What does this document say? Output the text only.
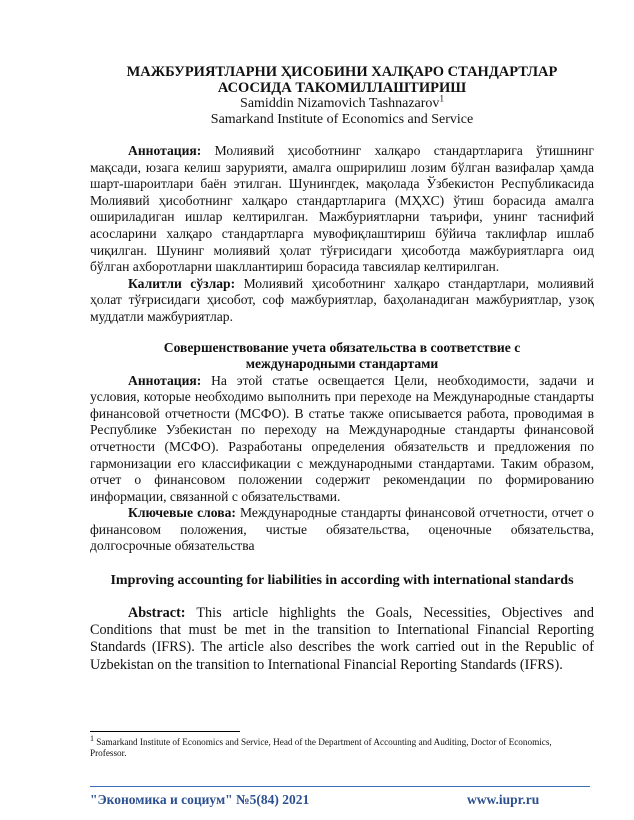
МАЖБУРИЯТЛАРНИ ҲИСОБИНИ ХАЛҚАРО СТАНДАРТЛАР
АСОСИДА ТАКОМИЛЛАШТИРИШ

Samiddin Nizamovich Tashnazarov$^1$

Samarkand Institute of Economics and Service

Аннотация: Молиявий ҳисоботнинг халқаро стандартларига ўтишнинг мақсади, юзага келиш зарурияти, амалга ошририлиш лозим бўлган вазифалар ҳамда шарт-шароитлари баён этилган. Шунингдек, мақолада Ўзбекистон Республикасида Молиявий ҳисоботнинг халқаро стандартларига (МҲХС) ўтиш борасида амалга ошириладиган ишлар келтирилган. Мажбуриятларни таърифи, унинг таснифий асосларини халқаро стандартларга мувофиқлаштириш бўйича таклифлар ишлаб чиқилган. Шунинг молиявий ҳолат тўғрисидаги ҳисоботда мажбуриятларга оид бўлган ахборотларни шакллантириш борасида тавсиялар келтирилган.

Калитли сўзлар: Молиявий ҳисоботнинг халқаро стандартлари, молиявий ҳолат тўғрисидаги ҳисобот, соф мажбуриятлар, баҳоланадиган мажбуриятлар, узоқ муддатли мажбуриятлар.

Совершенствование учета обязательства в соответствие с
международными стандартами

Аннотация: На этой статье освещается Цели, необходимости, задачи и условия, которые необходимо выполнить при переходе на Международные стандарты финансовой отчетности (МСФО). В статье также описывается работа, проводимая в Республике Узбекистан по переходу на Международные стандарты финансовой отчетности (МСФО). Разработаны определения обязательств и предложения по гармонизации его классификации с международными стандартами. Таким образом, отчет о финансовом положении содержит рекомендации по формированию информации, связанной с обязательствами.

Ключевые слова: Международные стандарты финансовой отчетности, отчет о финансовом положения, чистые обязательства, оценочные обязательства, долгосрочные обязательства

Improving accounting for liabilities in according with international standards

Abstract: This article highlights the Goals, Necessities, Objectives and Conditions that must be met in the transition to International Financial Reporting Standards (IFRS). The article also describes the work carried out in the Republic of Uzbekistan on the transition to International Financial Reporting Standards (IFRS).

$^1$ Samarkand Institute of Economics and Service, Head of the Department of Accounting and Auditing, Doctor of Economics, Professor.

"Экономика и социум" №5(84) 2021	www.iupr.ru
